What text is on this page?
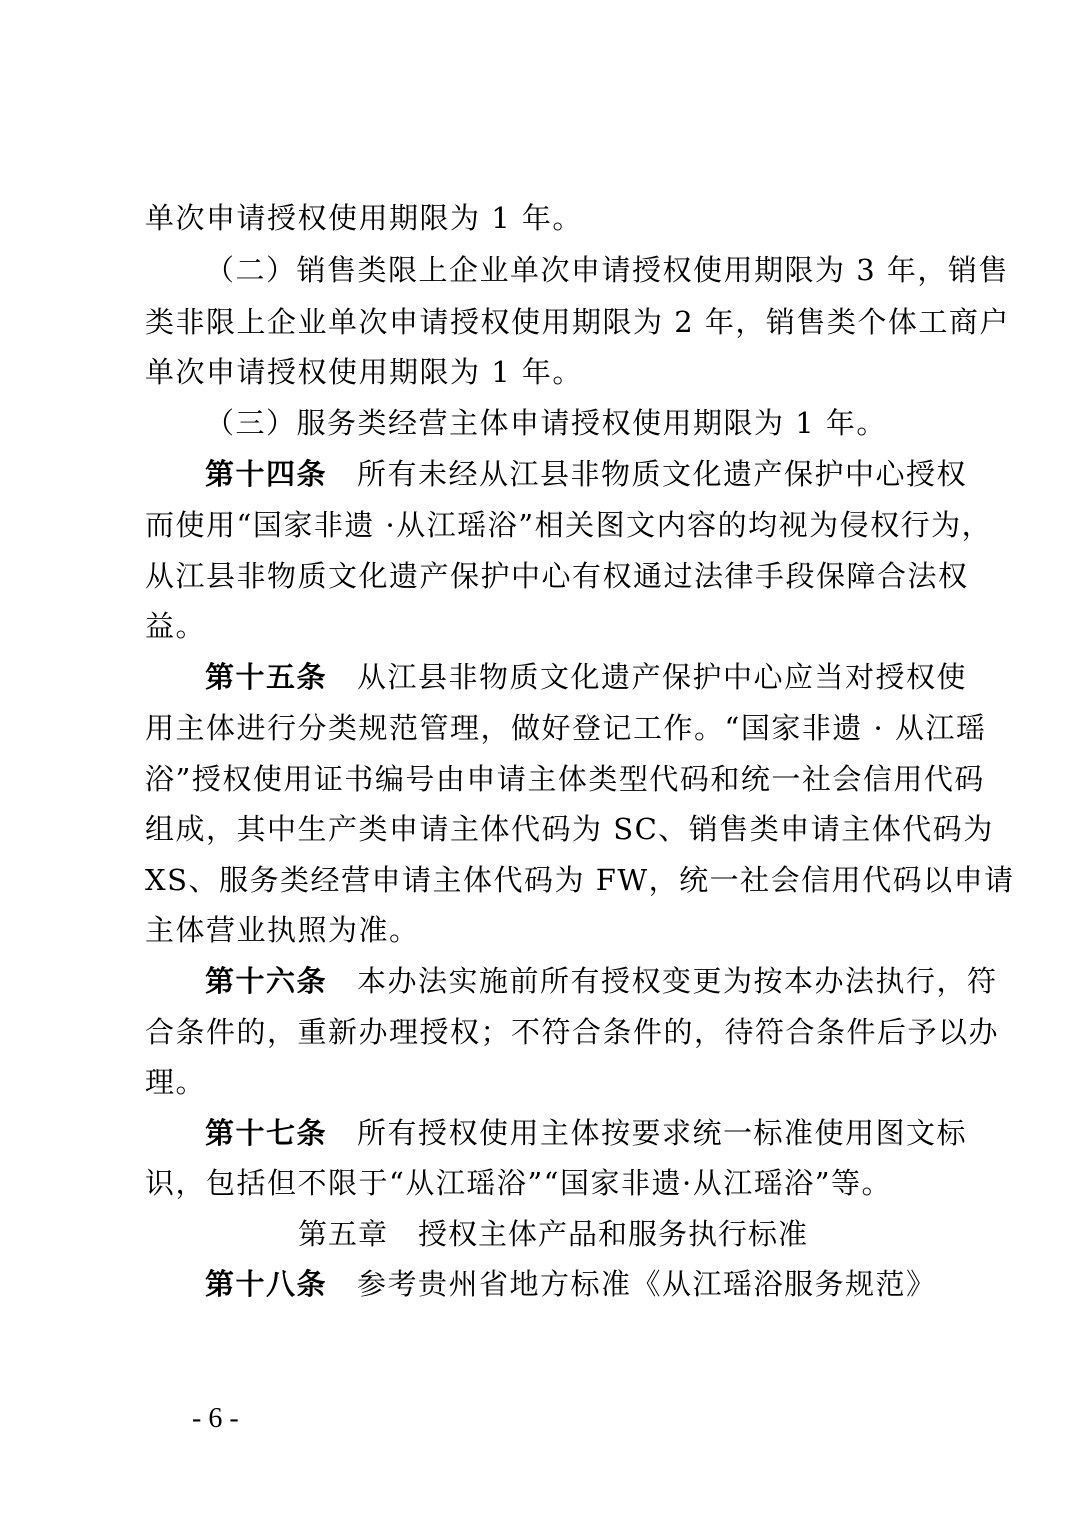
单次申请授权使用期限为 1 年。
（二）销售类限上企业单次申请授权使用期限为 3 年，销售
类非限上企业单次申请授权使用期限为 2 年，销售类个体工商户
单次申请授权使用期限为 1 年。
（三）服务类经营主体申请授权使用期限为 1 年。
第十四条 所有未经从江县非物质文化遗产保护中心授权
而使用“国家非遗 ·从江瑶浴”相关图文内容的均视为侵权行为，
从江县非物质文化遗产保护中心有权通过法律手段保障合法权
益。
第十五条 从江县非物质文化遗产保护中心应当对授权使
用主体进行分类规范管理，做好登记工作。“国家非遗 · 从江瑶
浴”授权使用证书编号由申请主体类型代码和统一社会信用代码
组成，其中生产类申请主体代码为 SC、销售类申请主体代码为
XS、服务类经营申请主体代码为 FW，统一社会信用代码以申请
主体营业执照为准。
第十六条 本办法实施前所有授权变更为按本办法执行，符
合条件的，重新办理授权；不符合条件的，待符合条件后予以办
理。
第十七条 所有授权使用主体按要求统一标准使用图文标
识，包括但不限于“从江瑶浴”“国家非遗·从江瑶浴”等。
第五章　授权主体产品和服务执行标准
第十八条 参考贵州省地方标准《从江瑶浴服务规范》
- 6 -
